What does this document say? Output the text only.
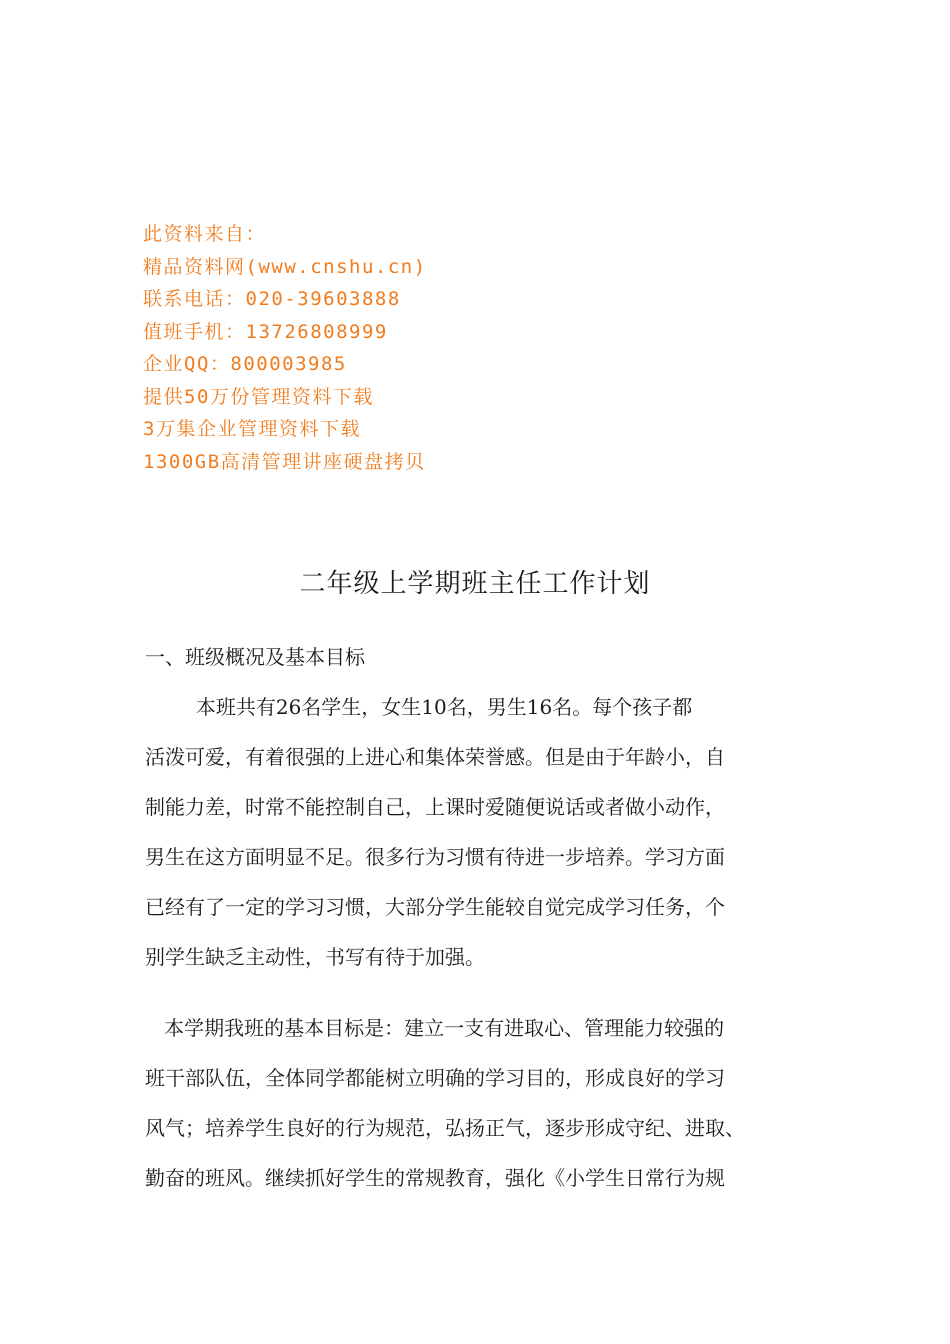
此资料来自：
精品资料网(www.cnshu.cn)
联系电话：020-39603888
值班手机：13726808999
企业QQ：800003985
提供50万份管理资料下载
3万集企业管理资料下载
1300GB高清管理讲座硬盘拷贝
二年级上学期班主任工作计划
一、班级概况及基本目标
本班共有26名学生，女生10名，男生16名。每个孩子都
活泼可爱，有着很强的上进心和集体荣誉感。但是由于年龄小，自
制能力差，时常不能控制自己，上课时爱随便说话或者做小动作，
男生在这方面明显不足。很多行为习惯有待进一步培养。学习方面
已经有了一定的学习习惯，大部分学生能较自觉完成学习任务，个
别学生缺乏主动性，书写有待于加强。
本学期我班的基本目标是：建立一支有进取心、管理能力较强的
班干部队伍，全体同学都能树立明确的学习目的，形成良好的学习
风气；培养学生良好的行为规范，弘扬正气，逐步形成守纪、进取、
勤奋的班风。继续抓好学生的常规教育，强化《小学生日常行为规
